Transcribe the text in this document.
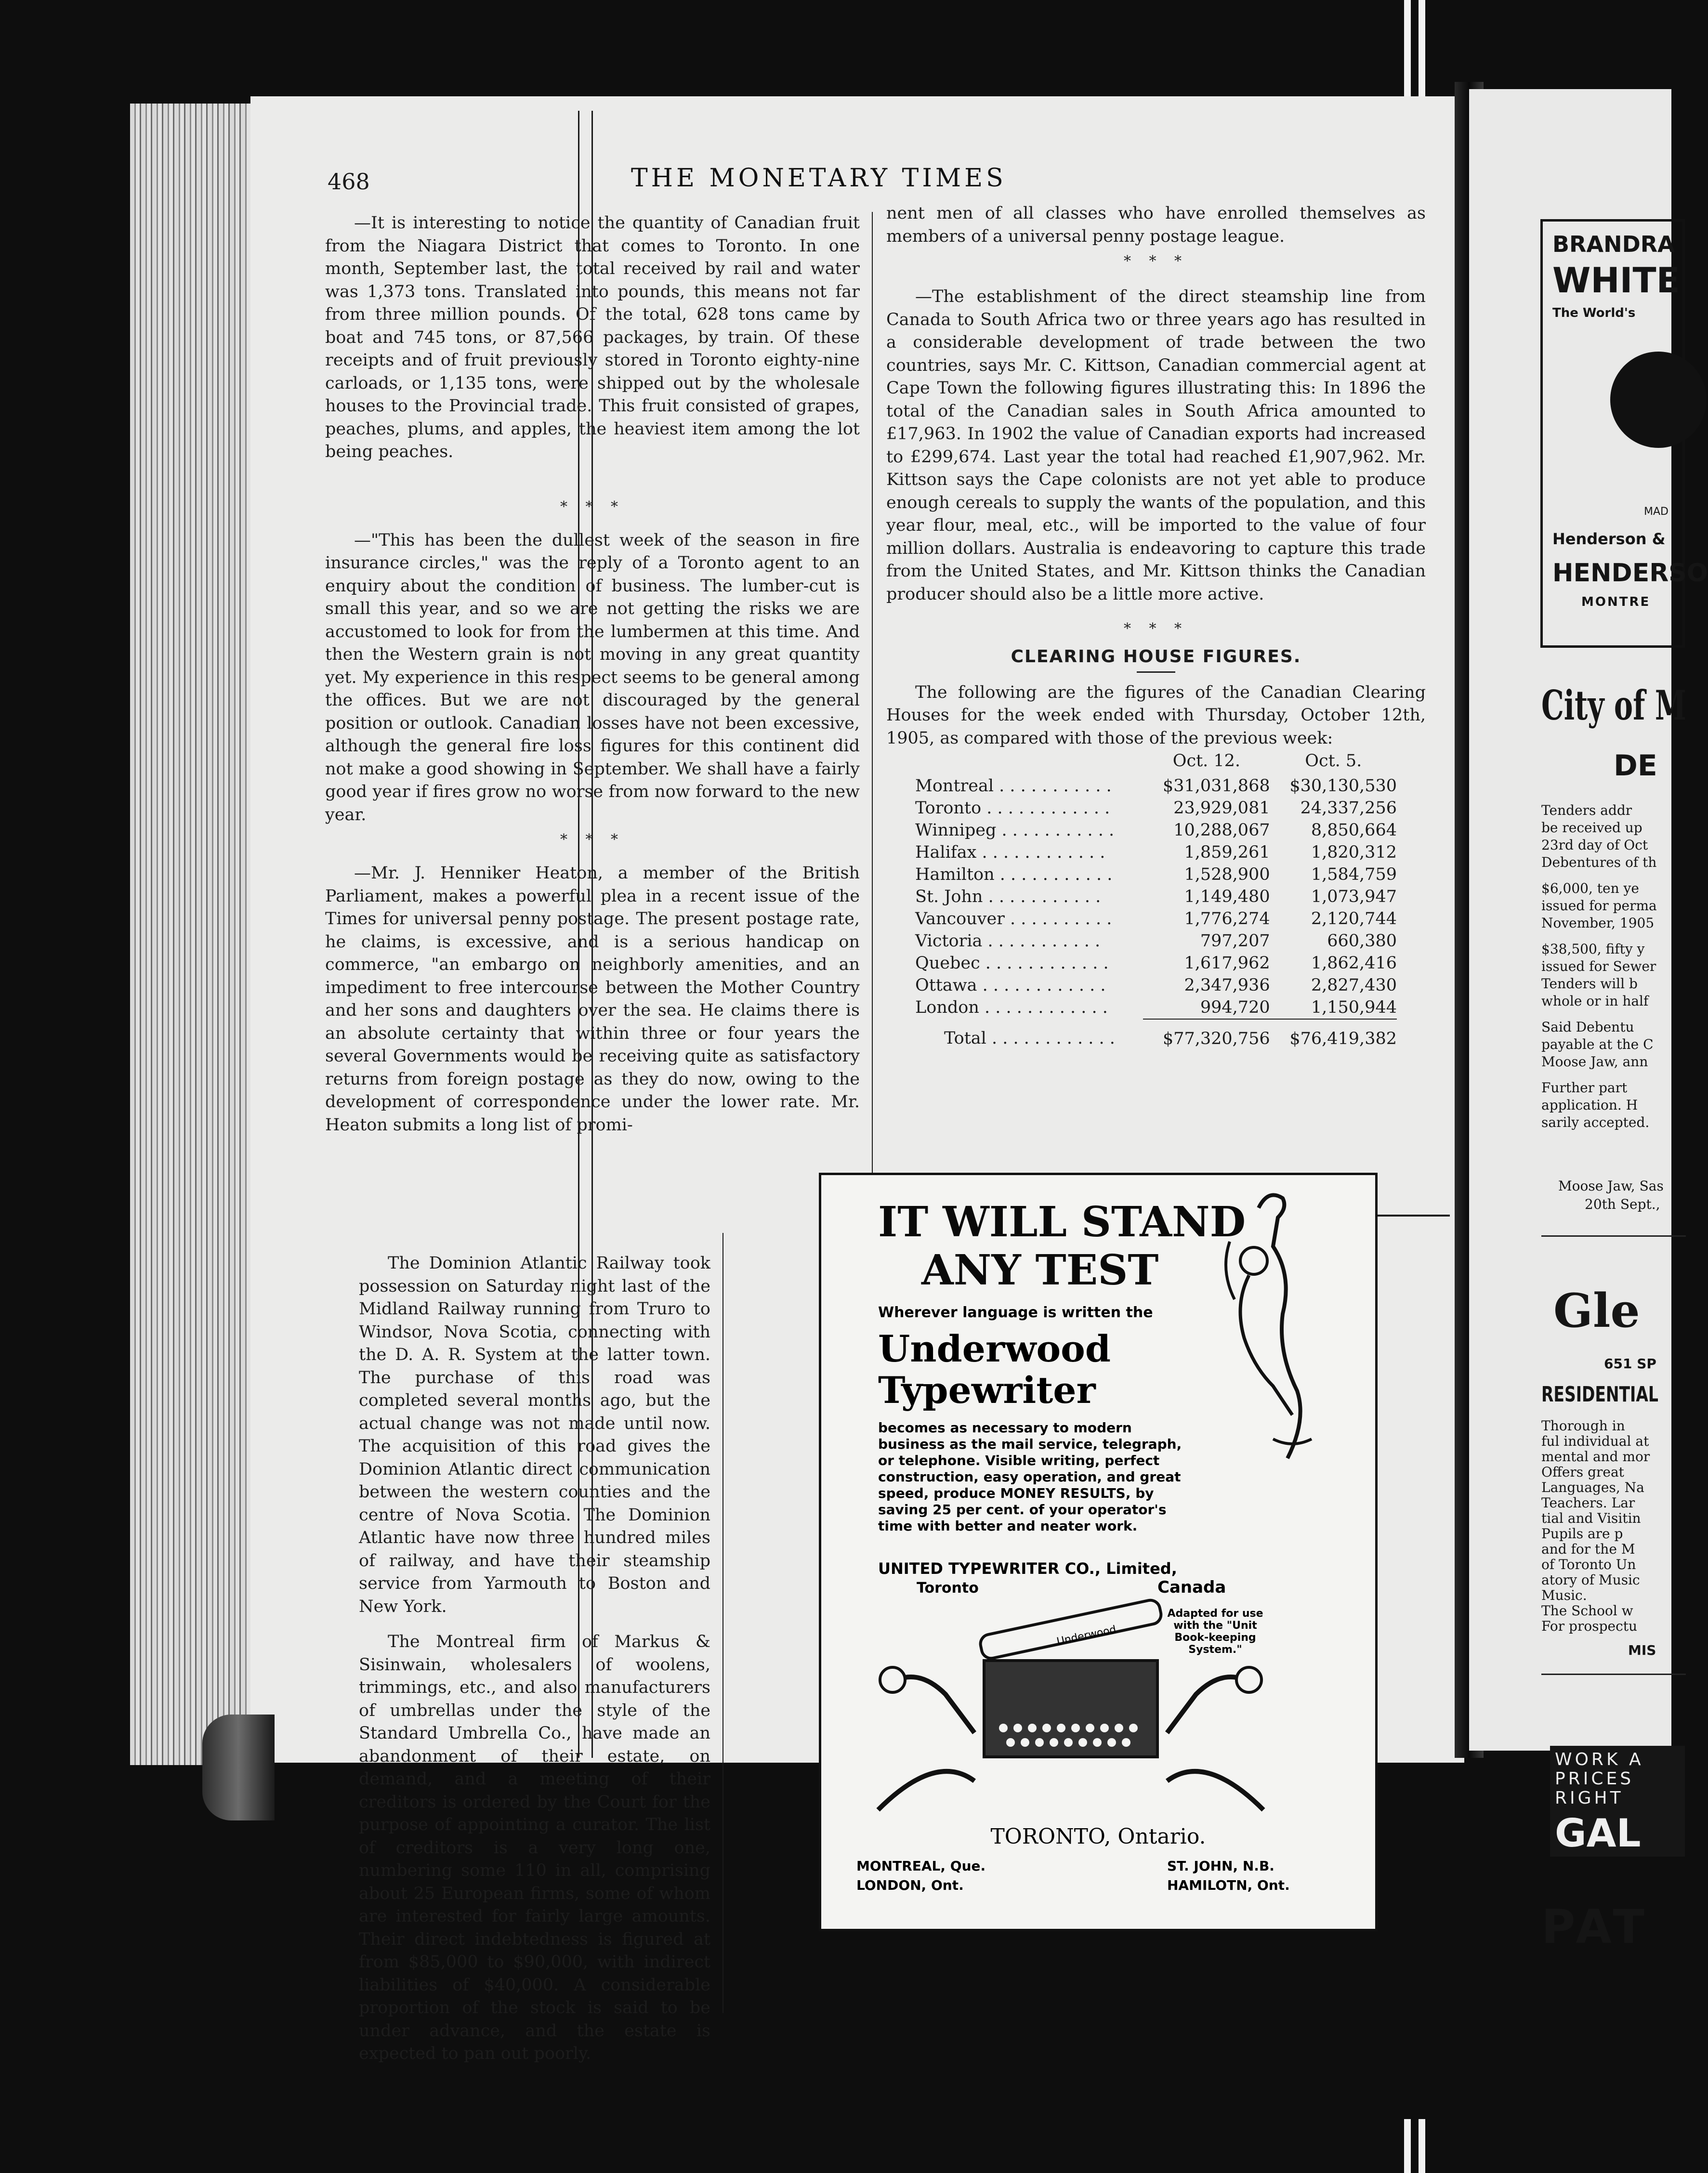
468	THE MONETARY TIMES

—It is interesting to notice the quantity of Canadian fruit from the Niagara District that comes to Toronto. In one month, September last, the total received by rail and water was 1,373 tons. Translated into pounds, this means not far from three million pounds. Of the total, 628 tons came by boat and 745 tons, or 87,566 packages, by train. Of these receipts and of fruit previously stored in Toronto eighty-nine carloads, or 1,135 tons, were shipped out by the wholesale houses to the Provincial trade. This fruit consisted of grapes, peaches, plums, and apples, the heaviest item among the lot being peaches.

* * *

—"This has been the dullest week of the season in fire insurance circles," was the reply of a Toronto agent to an enquiry about the condition of business. The lumber-cut is small this year, and so we are not getting the risks we are accustomed to look for from the lumbermen at this time. And then the Western grain is not moving in any great quantity yet. My experience in this respect seems to be general among the offices. But we are not discouraged by the general position or outlook. Canadian losses have not been excessive, although the general fire loss figures for this continent did not make a good showing in September. We shall have a fairly good year if fires grow no worse from now forward to the new year.

* * *

—Mr. J. Henniker Heaton, a member of the British Parliament, makes a powerful plea in a recent issue of the Times for universal penny postage. The present postage rate, he claims, is excessive, and is a serious handicap on commerce, "an embargo on neighborly amenities, and an impediment to free intercourse between the Mother Country and her sons and daughters over the sea. He claims there is an absolute certainty that within three or four years the several Governments would be receiving quite as satisfactory returns from foreign postage as they do now, owing to the development of correspondence under the lower rate. Mr. Heaton submits a long list of promi-

nent men of all classes who have enrolled themselves as members of a universal penny postage league.

* * *

—The establishment of the direct steamship line from Canada to South Africa two or three years ago has resulted in a considerable development of trade between the two countries, says Mr. C. Kittson, Canadian commercial agent at Cape Town the following figures illustrating this: In 1896 the total of the Canadian sales in South Africa amounted to £17,963. In 1902 the value of Canadian exports had increased to £299,674. Last year the total had reached £1,907,962. Mr. Kittson says the Cape colonists are not yet able to produce enough cereals to supply the wants of the population, and this year flour, meal, etc., will be imported to the value of four million dollars. Australia is endeavoring to capture this trade from the United States, and Mr. Kittson thinks the Canadian producer should also be a little more active.

* * *
CLEARING HOUSE FIGURES.

The following are the figures of the Canadian Clearing Houses for the week ended with Thursday, October 12th, 1905, as compared with those of the previous week:

	Oct. 12.	Oct. 5.
Montreal . . . . . . . . . . .	$31,031,868	$30,130,530
Toronto . . . . . . . . . . . .	23,929,081	24,337,256
Winnipeg . . . . . . . . . . .	10,288,067	8,850,664
Halifax . . . . . . . . . . . .	1,859,261	1,820,312
Hamilton . . . . . . . . . . .	1,528,900	1,584,759
St. John . . . . . . . . . . .	1,149,480	1,073,947
Vancouver . . . . . . . . . .	1,776,274	2,120,744
Victoria . . . . . . . . . . .	797,207	660,380
Quebec . . . . . . . . . . . .	1,617,962	1,862,416
Ottawa . . . . . . . . . . . .	2,347,936	2,827,430
London . . . . . . . . . . . .	994,720	1,150,944
Total . . . . . . . . . . . .	$77,320,756	$76,419,382

The Dominion Atlantic Railway took possession on Saturday night last of the Midland Railway running from Truro to Windsor, Nova Scotia, connecting with the D. A. R. System at the latter town. The purchase of this road was completed several months ago, but the actual change was not made until now. The acquisition of this road gives the Dominion Atlantic direct communication between the western counties and the centre of Nova Scotia. The Dominion Atlantic have now three hundred miles of railway, and have their steamship service from Yarmouth to Boston and New York.

The Montreal firm of Markus & Sisinwain, wholesalers of woolens, trimmings, etc., and also manufacturers of umbrellas under the style of the Standard Umbrella Co., have made an abandonment of their estate, on demand, and a meeting of their creditors is ordered by the Court for the purpose of appointing a curator. The list of creditors is a very long one, numbering some 110 in all, comprising about 25 European firms, some of whom are interested for fairly large amounts. Their direct indebtedness is figured at from $85,000 to $90,000, with indirect liabilities of $40,000. A considerable proportion of the stock is said to be under advance, and the estate is expected to pan out poorly.

IT WILL STAND
ANY TEST
Wherever language is written the
Underwood
Typewriter
becomes as necessary to modern business as the mail service, telegraph, or telephone. Visible writing, perfect construction, easy operation, and great speed, produce MONEY RESULTS, by saving 25 per cent. of your operator's time with better and neater work.
UNITED TYPEWRITER CO., Limited,
Toronto	Canada
Adapted for use with the "Unit Book-keeping System."
Underwood
TORONTO, Ontario.
MONTREAL, Que.
LONDON, Ont.
ST. JOHN, N.B.
HAMILOTN, Ont.
BRANDRA
WHITE
The World's
MAD
Henderson &
HENDERSO
MONTRE
City of M
DE
Tenders addr
be received up
23rd day of Oct
Debentures of th
$6,000, ten ye
issued for perma
November, 1905
$38,500, fifty y
issued for Sewer
Tenders will b
whole or in half
Said Debentu
payable at the C
Moose Jaw, ann
Further part
application. H
sarily accepted.
Moose Jaw, Sas
20th Sept.,
Gle
651 SP
RESIDENTIAL
Thorough in
ful individual at
mental and mor
Offers great
Languages, Na
Teachers. Lar
tial and Visitin
Pupils are p
and for the M
of Toronto Un
atory of Music
Music.
The School w
For prospectu
MIS
WORK A
PRICES
RIGHT
GAL
PAT
